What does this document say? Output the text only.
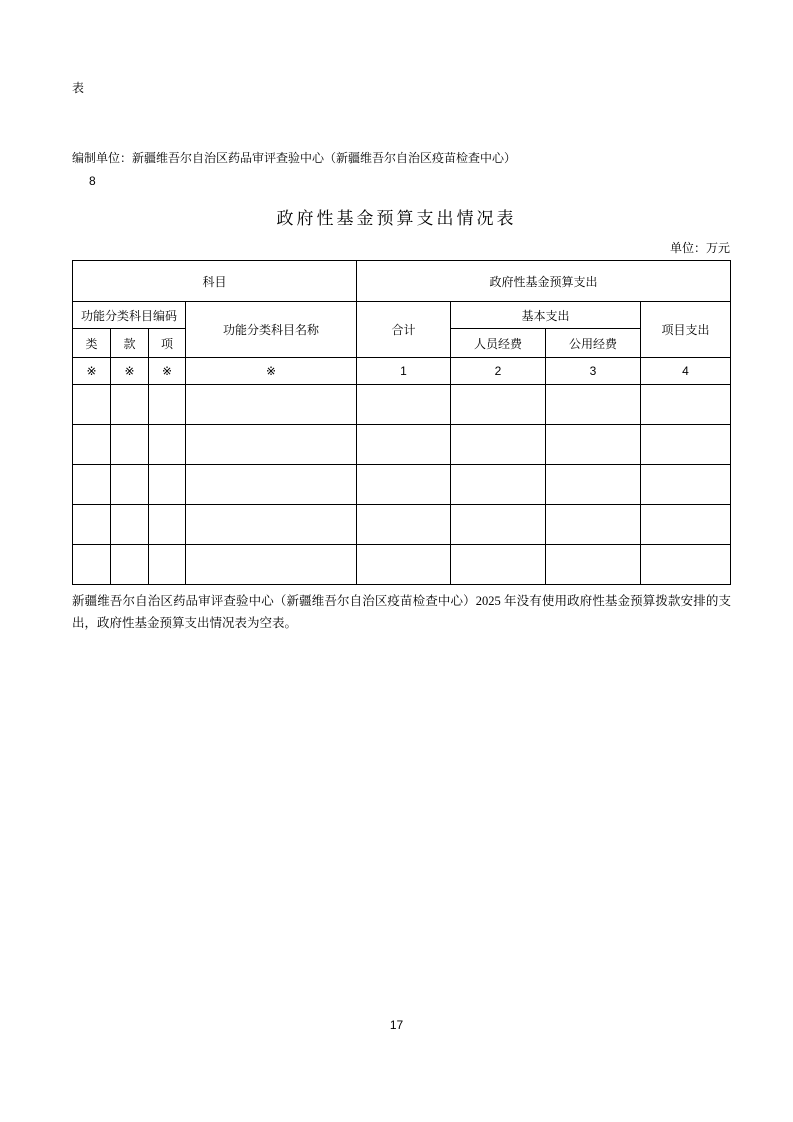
表
编制单位：新疆维吾尔自治区药品审评查验中心（新疆维吾尔自治区疫苗检查中心）
8
政府性基金预算支出情况表
单位：万元
科目				政府性基金预算支出			
功能分类科目编码			功能分类科目名称	合计	基本支出		项目支出
类	款	项			人员经费	公用经费	
※	※	※	※	1	2	3	4

新疆维吾尔自治区药品审评查验中心（新疆维吾尔自治区疫苗检查中心）2025 年没有使用政府性基金预算拨款安排的支出，政府性基金预算支出情况表为空表。

17
